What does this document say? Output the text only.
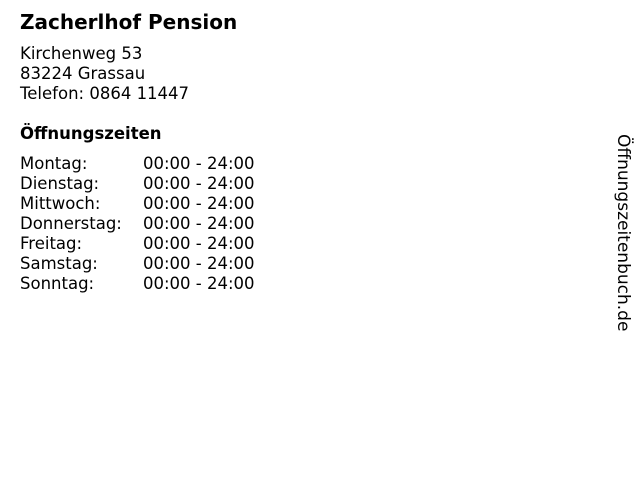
Zacherlhof Pension
Kirchenweg 53
83224 Grassau
Telefon: 0864 11447
Öffnungszeiten
Montag:	00:00 - 24:00
Dienstag:	00:00 - 24:00
Mittwoch:	00:00 - 24:00
Donnerstag:	00:00 - 24:00
Freitag:	00:00 - 24:00
Samstag:	00:00 - 24:00
Sonntag:	00:00 - 24:00	Öffnungszeitenbuch.de
